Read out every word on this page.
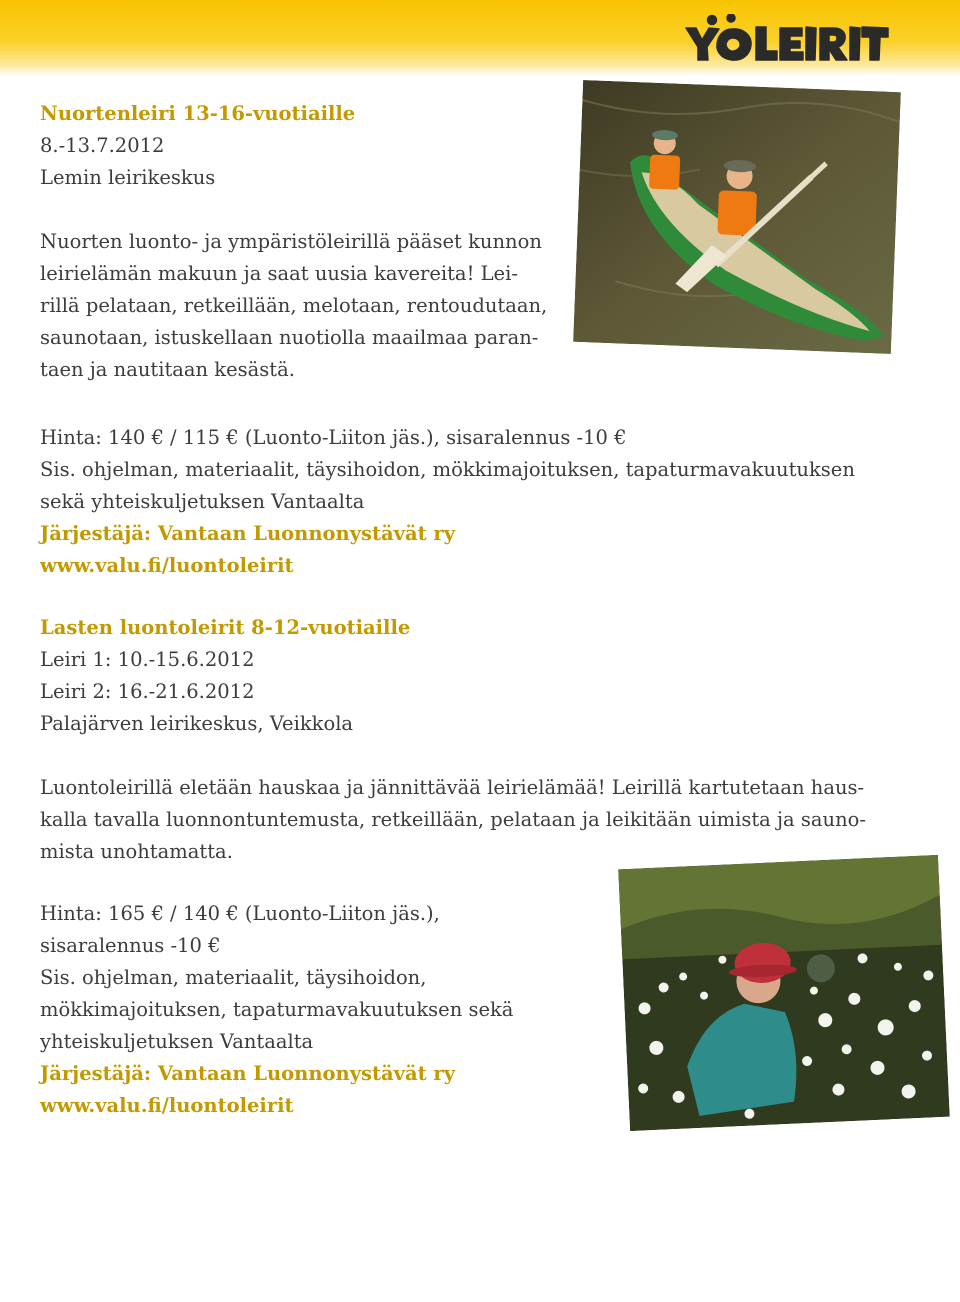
Nuortenleiri 13-16-vuotiaille
8.-13.7.2012
Lemin leirikeskus
Nuorten luonto- ja ympäristöleirillä pääset kunnon
leirielämän makuun ja saat uusia kavereita! Lei-
rillä pelataan, retkeillään, melotaan, rentoudutaan,
saunotaan, istuskellaan nuotiolla maailmaa paran-
taen ja nautitaan kesästä.
Hinta: 140 € / 115 € (Luonto-Liiton jäs.), sisaralennus -10 €
Sis. ohjelman, materiaalit, täysihoidon, mökkimajoituksen, tapaturmavakuutuksen
sekä yhteiskuljetuksen Vantaalta
Järjestäjä: Vantaan Luonnonystävät ry
www.valu.fi/luontoleirit
Lasten luontoleirit 8-12-vuotiaille
Leiri 1: 10.-15.6.2012
Leiri 2: 16.-21.6.2012
Palajärven leirikeskus, Veikkola
Luontoleirillä eletään hauskaa ja jännittävää leirielämää! Leirillä kartutetaan haus-
kalla tavalla luonnontuntemusta, retkeillään, pelataan ja leikitään uimista ja sauno-
mista unohtamatta.
Hinta: 165 € / 140 € (Luonto-Liiton jäs.),
sisaralennus -10 €
Sis. ohjelman, materiaalit, täysihoidon,
mökkimajoituksen, tapaturmavakuutuksen sekä
yhteiskuljetuksen Vantaalta
Järjestäjä: Vantaan Luonnonystävät ry
www.valu.fi/luontoleirit
